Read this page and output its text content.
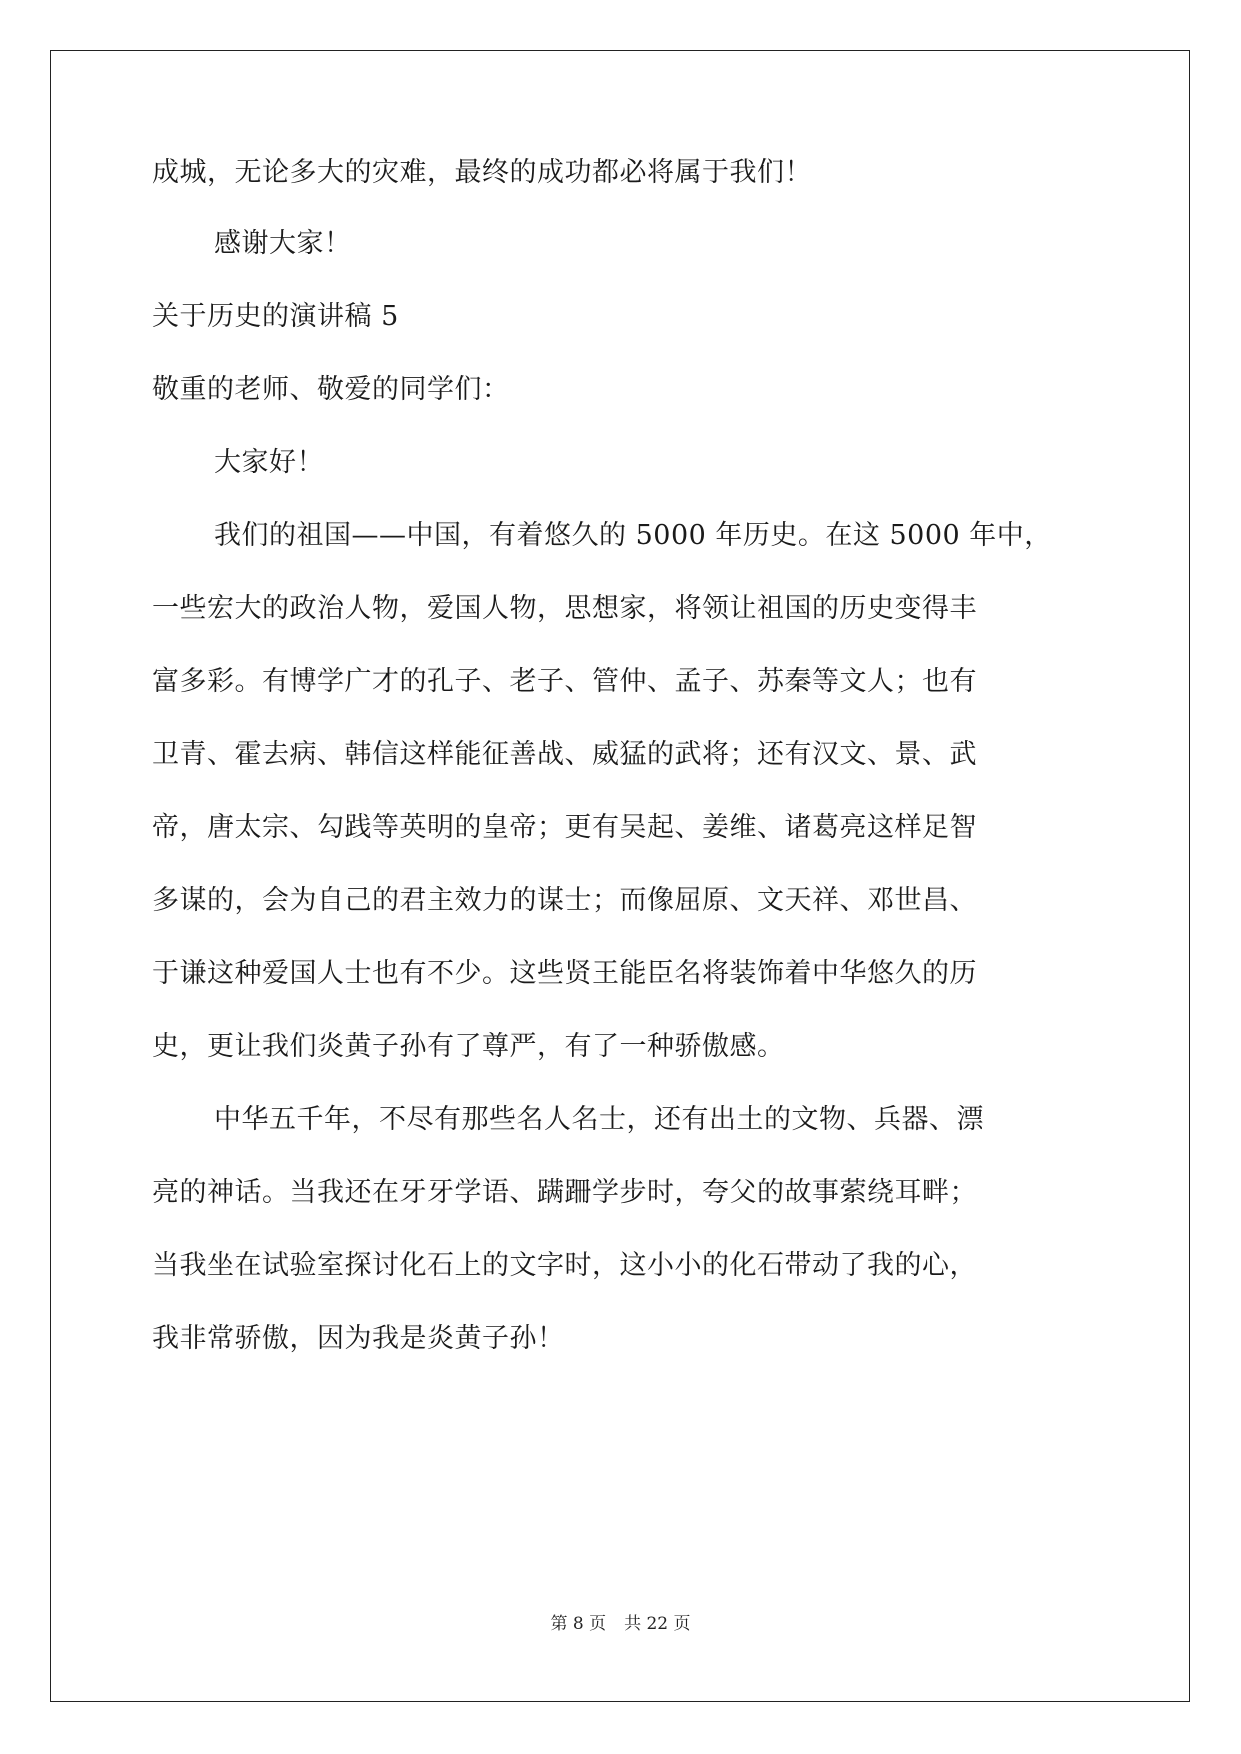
成城，无论多大的灾难，最终的成功都必将属于我们！
感谢大家！
关于历史的演讲稿 5
敬重的老师、敬爱的同学们：
大家好！
我们的祖国——中国，有着悠久的 5000 年历史。在这 5000 年中，
一些宏大的政治人物，爱国人物，思想家，将领让祖国的历史变得丰
富多彩。有博学广才的孔子、老子、管仲、孟子、苏秦等文人；也有
卫青、霍去病、韩信这样能征善战、威猛的武将；还有汉文、景、武
帝，唐太宗、勾践等英明的皇帝；更有吴起、姜维、诸葛亮这样足智
多谋的，会为自己的君主效力的谋士；而像屈原、文天祥、邓世昌、
于谦这种爱国人士也有不少。这些贤王能臣名将装饰着中华悠久的历
史，更让我们炎黄子孙有了尊严，有了一种骄傲感。
中华五千年，不尽有那些名人名士，还有出土的文物、兵器、漂
亮的神话。当我还在牙牙学语、蹒跚学步时，夸父的故事萦绕耳畔；
当我坐在试验室探讨化石上的文字时，这小小的化石带动了我的心，
我非常骄傲，因为我是炎黄子孙！
第 8 页 共 22 页
